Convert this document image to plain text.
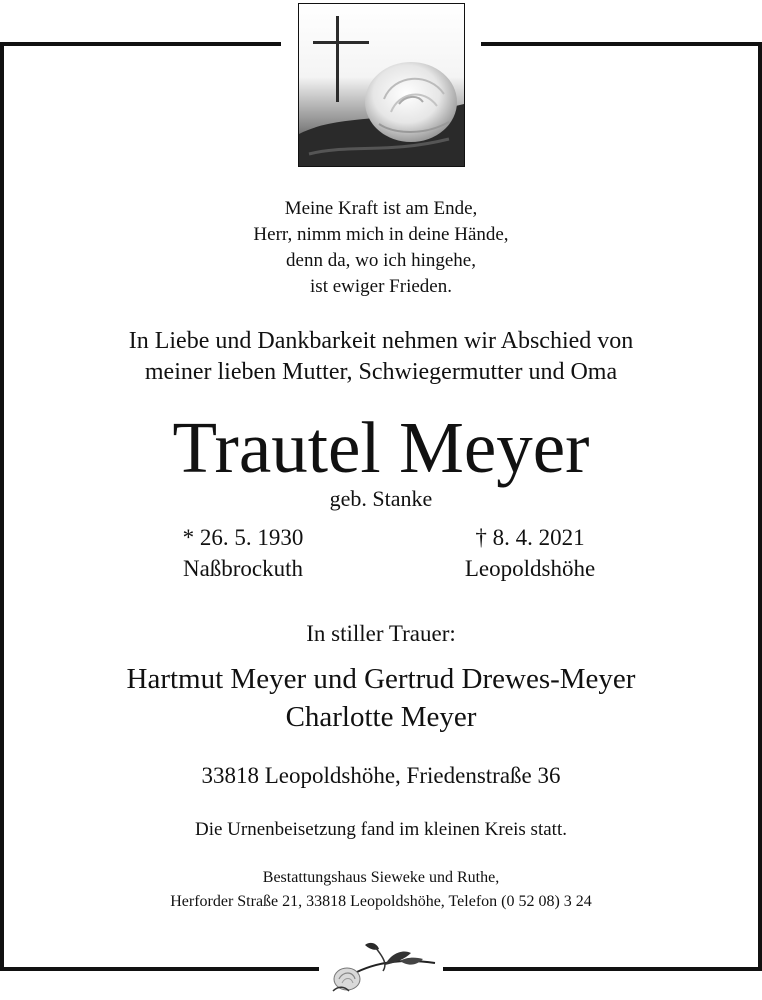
Meine Kraft ist am Ende,
Herr, nimm mich in deine Hände,
denn da, wo ich hingehe,
ist ewiger Frieden.
In Liebe und Dankbarkeit nehmen wir Abschied von
meiner lieben Mutter, Schwiegermutter und Oma
Trautel Meyer
geb. Stanke
* 26. 5. 1930
Naßbrockuth
† 8. 4. 2021
Leopoldshöhe
In stiller Trauer:
Hartmut Meyer und Gertrud Drewes-Meyer
Charlotte Meyer
33818 Leopoldshöhe, Friedenstraße 36
Die Urnenbeisetzung fand im kleinen Kreis statt.
Bestattungshaus Sieweke und Ruthe,
Herforder Straße 21, 33818 Leopoldshöhe, Telefon (0 52 08) 3 24
